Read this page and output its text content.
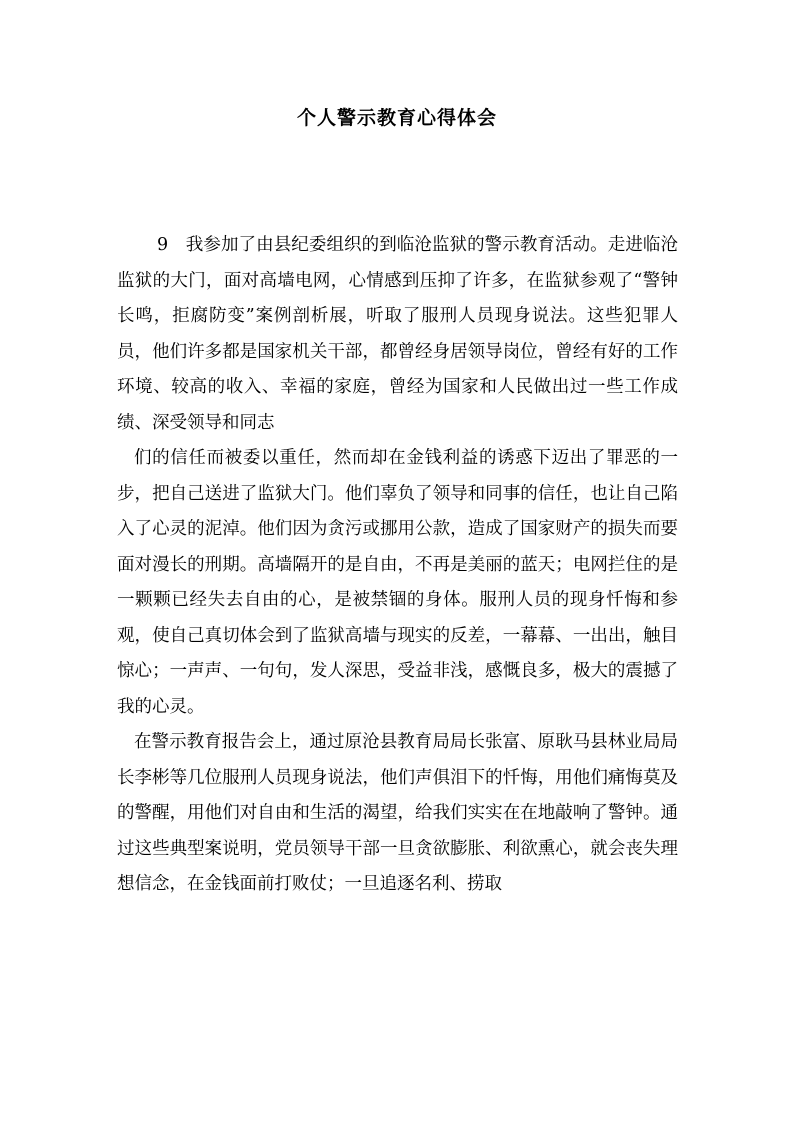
个人警示教育心得体会

9　我参加了由县纪委组织的到临沧监狱的警示教育活动。走进临沧监狱的大门，面对高墙电网，心情感到压抑了许多，在监狱参观了“警钟长鸣，拒腐防变”案例剖析展，听取了服刑人员现身说法。这些犯罪人员，他们许多都是国家机关干部，都曾经身居领导岗位，曾经有好的工作环境、较高的收入、幸福的家庭，曾经为国家和人民做出过一些工作成绩、深受领导和同志

们的信任而被委以重任，然而却在金钱利益的诱惑下迈出了罪恶的一步，把自己送进了监狱大门。他们辜负了领导和同事的信任，也让自己陷入了心灵的泥淖。他们因为贪污或挪用公款，造成了国家财产的损失而要面对漫长的刑期。高墙隔开的是自由，不再是美丽的蓝天；电网拦住的是一颗颗已经失去自由的心，是被禁锢的身体。服刑人员的现身忏悔和参观，使自己真切体会到了监狱高墙与现实的反差，一幕幕、一出出，触目惊心；一声声、一句句，发人深思，受益非浅，感慨良多，极大的震撼了我的心灵。

在警示教育报告会上，通过原沧县教育局局长张富、原耿马县林业局局长李彬等几位服刑人员现身说法，他们声俱泪下的忏悔，用他们痛悔莫及的警醒，用他们对自由和生活的渴望，给我们实实在在地敲响了警钟。通过这些典型案说明，党员领导干部一旦贪欲膨胀、利欲熏心，就会丧失理想信念，在金钱面前打败仗；一旦追逐名利、捞取
